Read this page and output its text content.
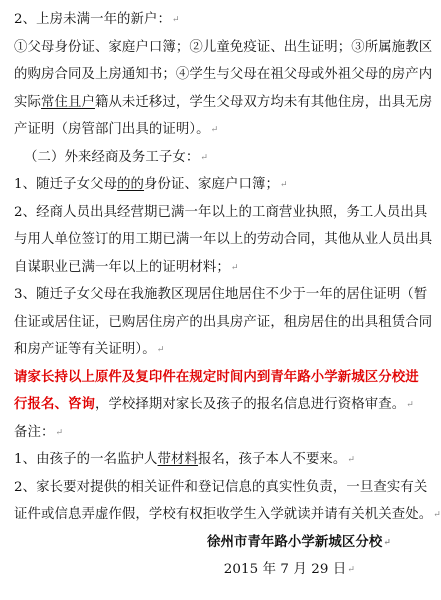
2、上房未满一年的新户：↵
①父母身份证、家庭户口簿；②儿童免疫证、出生证明；③所属施教区
的购房合同及上房通知书；④学生与父母在祖父母或外祖父母的房产内
实际常住且户籍从未迁移过，学生父母双方均未有其他住房，出具无房
产证明（房管部门出具的证明）。↵
（二）外来经商及务工子女：↵
1、随迁子女父母的的身份证、家庭户口簿；↵
2、经商人员出具经营期已满一年以上的工商营业执照，务工人员出具
与用人单位签订的用工期已满一年以上的劳动合同，其他从业人员出具
自谋职业已满一年以上的证明材料；↵
3、随迁子女父母在我施教区现居住地居住不少于一年的居住证明（暂
住证或居住证，已购居住房产的出具房产证，租房居住的出具租赁合同
和房产证等有关证明）。↵
请家长持以上原件及复印件在规定时间内到青年路小学新城区分校进
行报名、咨询，学校择期对家长及孩子的报名信息进行资格审查。↵
备注：↵
1、由孩子的一名监护人带材料报名，孩子本人不要来。↵
2、家长要对提供的相关证件和登记信息的真实性负责，一旦查实有关
证件或信息弄虚作假，学校有权拒收学生入学就读并请有关机关查处。↵
徐州市青年路小学新城区分校↵
2015 年 7 月 29 日↵
